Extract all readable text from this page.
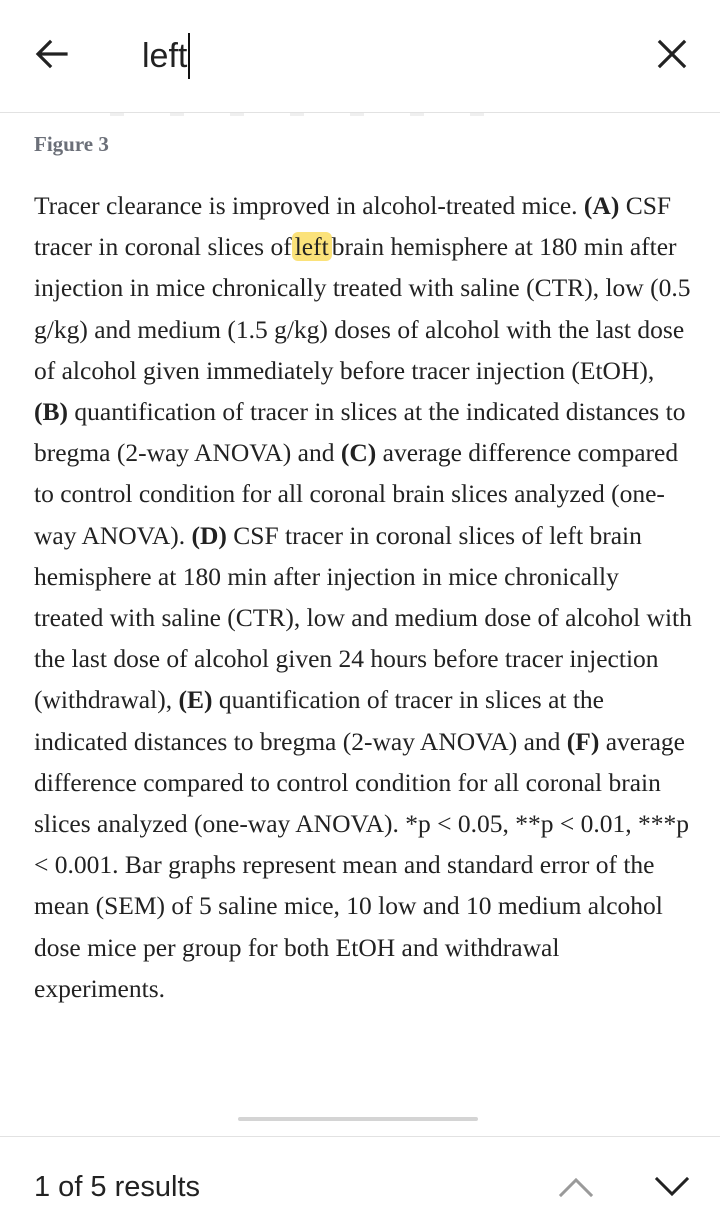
left
Figure 3
Tracer clearance is improved in alcohol-treated mice. (A) CSF tracer in coronal slices of left brain hemisphere at 180 min after injection in mice chronically treated with saline (CTR), low (0.5 g/kg) and medium (1.5 g/kg) doses of alcohol with the last dose of alcohol given immediately before tracer injection (EtOH), (B) quantification of tracer in slices at the indicated distances to bregma (2-way ANOVA) and (C) average difference compared to control condition for all coronal brain slices analyzed (one-way ANOVA). (D) CSF tracer in coronal slices of left brain hemisphere at 180 min after injection in mice chronically treated with saline (CTR), low and medium dose of alcohol with the last dose of alcohol given 24 hours before tracer injection (withdrawal), (E) quantification of tracer in slices at the indicated distances to bregma (2-way ANOVA) and (F) average difference compared to control condition for all coronal brain slices analyzed (one-way ANOVA). *p < 0.05, **p < 0.01, ***p < 0.001. Bar graphs represent mean and standard error of the mean (SEM) of 5 saline mice, 10 low and 10 medium alcohol dose mice per group for both EtOH and withdrawal experiments.
1 of 5 results
